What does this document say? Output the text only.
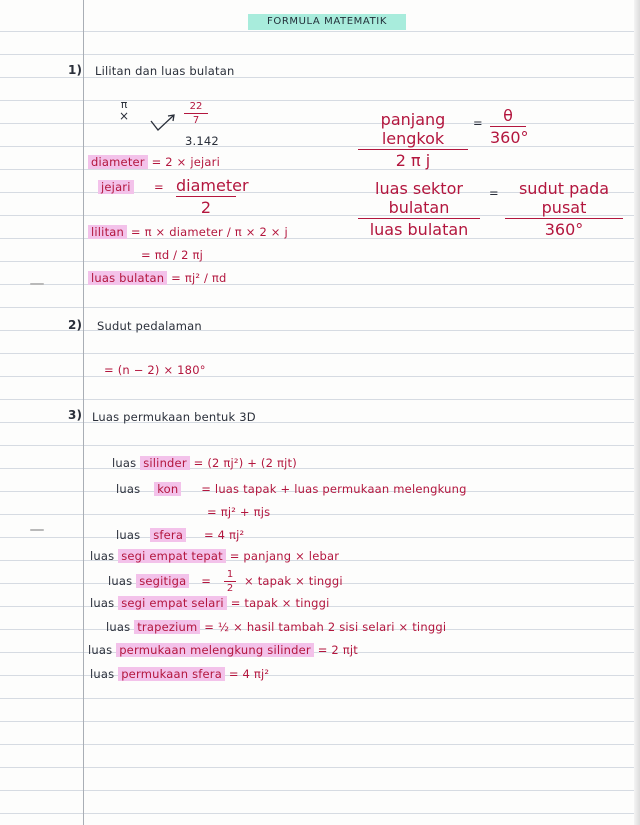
FORMULA MATEMATIK
1) Lilitan dan luas bulatan
π
×
22
7
3.142
panjang lengkok
2 π j
=	θ
360°
diameter = 2 × jejari
jejari = diameter
2
luas sektor bulatan
luas bulatan
=	sudut pada pusat
360°
lilitan = π × diameter / π × 2 × j
= πd / 2 πj
luas bulatan = πj² / πd
2) Sudut pedalaman
= (n − 2) × 180°
3) Luas permukaan bentuk 3D
luas silinder = (2 πj²) + (2 πjt)
luas kon = luas tapak + luas permukaan melengkung
= πj² + πjs
luas sfera = 4 πj²
luas segi empat tepat = panjang × lebar
luas segitiga = 1
2
× tapak × tinggi
luas segi empat selari = tapak × tinggi
luas trapezium = ½ × hasil tambah 2 sisi selari × tinggi
luas permukaan melengkung silinder = 2 πjt
luas permukaan sfera = 4 πj²
